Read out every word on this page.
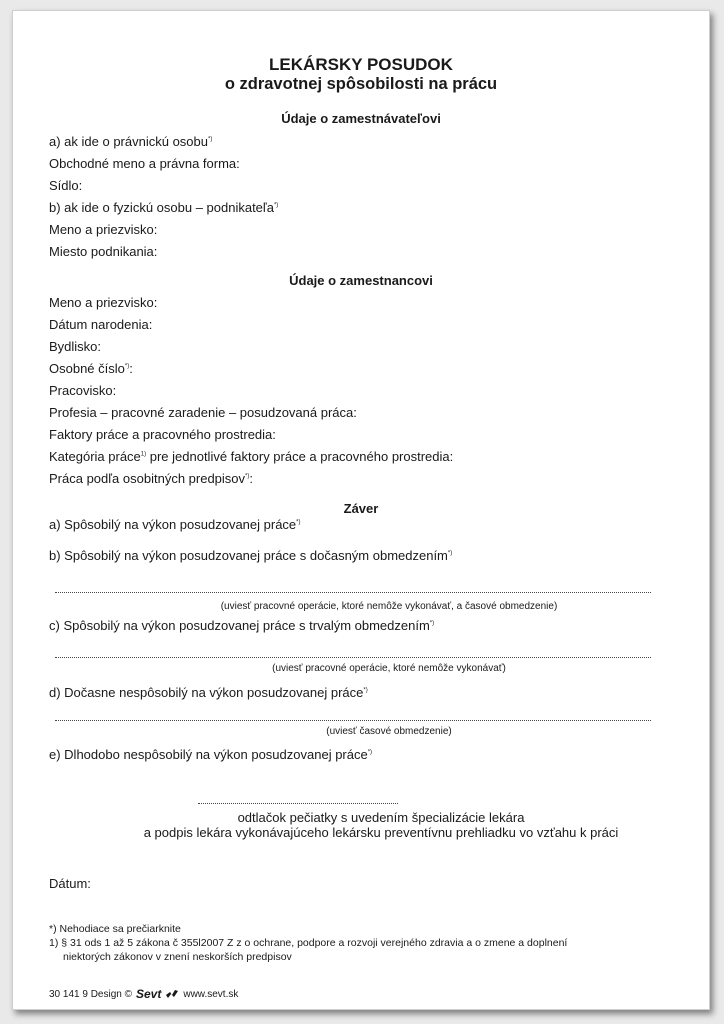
LEKÁRSKY POSUDOK
o zdravotnej spôsobilosti na prácu
Údaje o zamestnávateľovi
a) ak ide o právnickú osobu*)
Obchodné meno a právna forma:
Sídlo:
b) ak ide o fyzickú osobu – podnikateľa*)
Meno a priezvisko:
Miesto podnikania:
Údaje o zamestnancovi
Meno a priezvisko:
Dátum narodenia:
Bydlisko:
Osobné číslo*):
Pracovisko:
Profesia – pracovné zaradenie – posudzovaná práca:
Faktory práce a pracovného prostredia:
Kategória práce$^{1)}$ pre jednotlivé faktory práce a pracovného prostredia:
Práca podľa osobitných predpisov*):
Záver
a) Spôsobilý na výkon posudzovanej práce*)
b) Spôsobilý na výkon posudzovanej práce s dočasným obmedzením*)
(uviesť pracovné operácie, ktoré nemôže vykonávať, a časové obmedzenie)
c) Spôsobilý na výkon posudzovanej práce s trvalým obmedzením*)
(uviesť pracovné operácie, ktoré nemôže vykonávať)
d) Dočasne nespôsobilý na výkon posudzovanej práce*)
(uviesť časové obmedzenie)
e) Dlhodobo nespôsobilý na výkon posudzovanej práce*)
odtlačok pečiatky s uvedením špecializácie lekára
a podpis lekára vykonávajúceho lekársku preventívnu prehliadku vo vzťahu k práci
Dátum:
*) Nehodiace sa prečiarknite
1) § 31 ods 1 až 5 zákona č 355l2007 Z z o ochrane, podpore a rozvoji verejného zdravia a o zmene a doplnení
niektorých zákonov v znení neskorších predpisov
30 141 9 Design © Sevt www.sevt.sk
